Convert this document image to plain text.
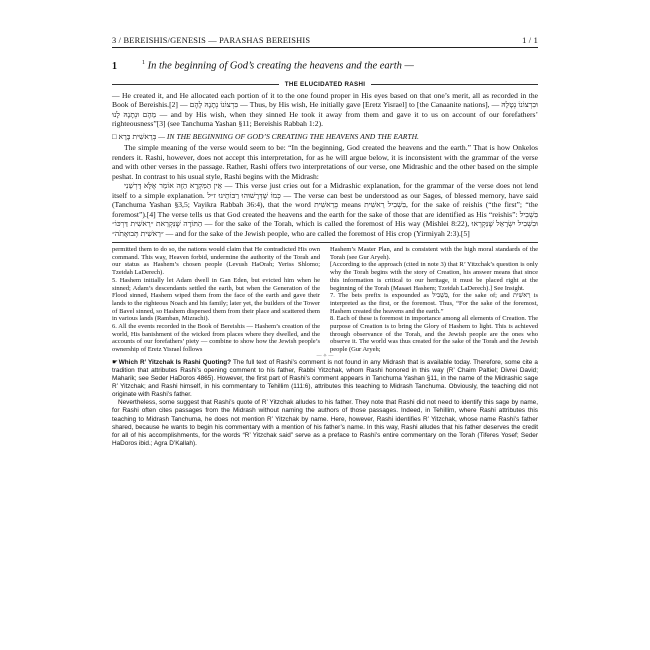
3 / BEREISHIS/GENESIS — PARASHAS BEREISHIS	1 / 1
1	$^1$ In the beginning of God’s creating the heavens and the earth —
THE ELUCIDATED RASHI

— He created it, and He allocated each portion of it to the one found proper in His eyes based on that one’s merit, all as recorded in the Book of Bereishis.[2] — בִּרְצוֹנוֹ נְתָנָהּ לָהֶם — Thus, by His wish, He initially gave [Eretz Yisrael] to [the Canaanite nations], — וּבִרְצוֹנוֹ נְטָלָהּ מֵהֶם וּנְתָנָהּ לָנוּ — and by His wish, when they sinned He took it away from them and gave it to us on account of our forefathers’ righteousness”[3] (see Tanchuma Yashan §11; Bereishis Rabbah 1:2).

□ בְּרֵאשִׁית בָּרָא — IN THE BEGINNING OF GOD’S CREATING THE HEAVENS AND THE EARTH.

The simple meaning of the verse would seem to be: “In the beginning, God created the heavens and the earth.” That is how Onkelos renders it. Rashi, however, does not accept this interpretation, for as he will argue below, it is inconsistent with the grammar of the verse and with other verses in the passage. Rather, Rashi offers two interpretations of our verse, one Midrashic and the other based on the simple peshat. In contrast to his usual style, Rashi begins with the Midrash:

אֵין הַמִּקְרָא הַזֶּה אוֹמֵר אֶלָּא דָּרְשֵׁנִי — This verse just cries out for a Midrashic explanation, for the grammar of the verse does not lend itself to a simple explanation. כְּמוֹ שֶׁדְּרָשׁוּהוּ רַבּוֹתֵינוּ ז״ל — The verse can best be understood as our Sages, of blessed memory, have said (Tanchuma Yashan §3,5; Vayikra Rabbah 36:4), that the word בְּרֵאשִׁית means בִּשְׁבִיל רֵאשִׁית, for the sake of reishis (“the first”; “the foremost”).[4] The verse tells us that God created the heavens and the earth for the sake of those that are identified as His “reishis”: בִּשְׁבִיל הַתּוֹרָה שֶׁנִּקְרֵאת ״רֵאשִׁית דַּרְכּוֹ״ — for the sake of the Torah, which is called the foremost of His way (Mishlei 8:22), וּבִשְׁבִיל יִשְׂרָאֵל שֶׁנִּקְרְאוּ ״רֵאשִׁית תְּבוּאָתֹה״ — and for the sake of the Jewish people, who are called the foremost of His crop (Yirmiyah 2:3).[5]

permitted them to do so, the nations would claim that He contradicted His own command. This way, Heaven forbid, undermine the authority of the Torah and our status as Hashem’s chosen people (Levush HaOrah; Yeriss Shlomo; Tzeidah LaDerech).

5. Hashem initially let Adam dwell in Gan Eden, but evicted him when he sinned; Adam’s descendants settled the earth, but when the Generation of the Flood sinned, Hashem wiped them from the face of the earth and gave their lands to the righteous Noach and his family; later yet, the builders of the Tower of Bavel sinned, so Hashem dispersed them from their place and scattered them in various lands (Ramban, Mizrachi).

6. All the events recorded in the Book of Bereishis — Hashem’s creation of the world, His banishment of the wicked from places where they dwelled, and the accounts of our forefathers’ piety — combine to show how the Jewish people’s ownership of Eretz Yisrael follows

Hashem’s Master Plan, and is consistent with the high moral standards of the Torah (see Gur Aryeh).

[According to the approach (cited in note 3) that R’ Yitzchak’s question is only why the Torah begins with the story of Creation, his answer means that since this information is critical to our heritage, it must be placed right at the beginning of the Torah (Masaei Hashem; Tzeidah LaDerech).] See Insight.

7. The beis prefix is expounded as בִּשְׁבִיל, for the sake of; and רֵאשִׁית is interpreted as the first, or the foremost. Thus, “For the sake of the foremost, Hashem created the heavens and the earth.”

8. Each of these is foremost in importance among all elements of Creation. The purpose of Creation is to bring the Glory of Hashem to light. This is achieved through observance of the Torah, and the Jewish people are the ones who observe it. The world was thus created for the sake of the Torah and the Jewish people (Gur Aryeh;

— ✧ —

☛Which R’ Yitzchak Is Rashi Quoting? The full text of Rashi’s comment is not found in any Midrash that is available today. Therefore, some cite a tradition that attributes Rashi’s opening comment to his father, Rabbi Yitzchak, whom Rashi honored in this way (R’ Chaim Paltiel; Divrei David; Maharik; see Seder HaDoros 4865). However, the first part of Rashi’s comment appears in Tanchuma Yashan §11, in the name of the Midrashic sage R’ Yitzchak; and Rashi himself, in his commentary to Tehillim (111:6), attributes this teaching to Midrash Tanchuma. Obviously, the teaching did not originate with Rashi’s father.

Nevertheless, some suggest that Rashi’s quote of R’ Yitzchak alludes to his father. They note that Rashi did not need to identify this sage by name, for Rashi often cites passages from the Midrash without naming the authors of those passages. Indeed, in Tehillim, where Rashi attributes this teaching to Midrash Tanchuma, he does not mention R’ Yitzchak by name. Here, however, Rashi identifies R’ Yitzchak, whose name Rashi’s father shared, because he wants to begin his commentary with a mention of his father’s name. In this way, Rashi alludes that his father deserves the credit for all of his accomplishments, for the words “R’ Yitzchak said” serve as a preface to Rashi’s entire commentary on the Torah (Tiferes Yosef; Seder HaDoros ibid.; Agra D’Kallah).
